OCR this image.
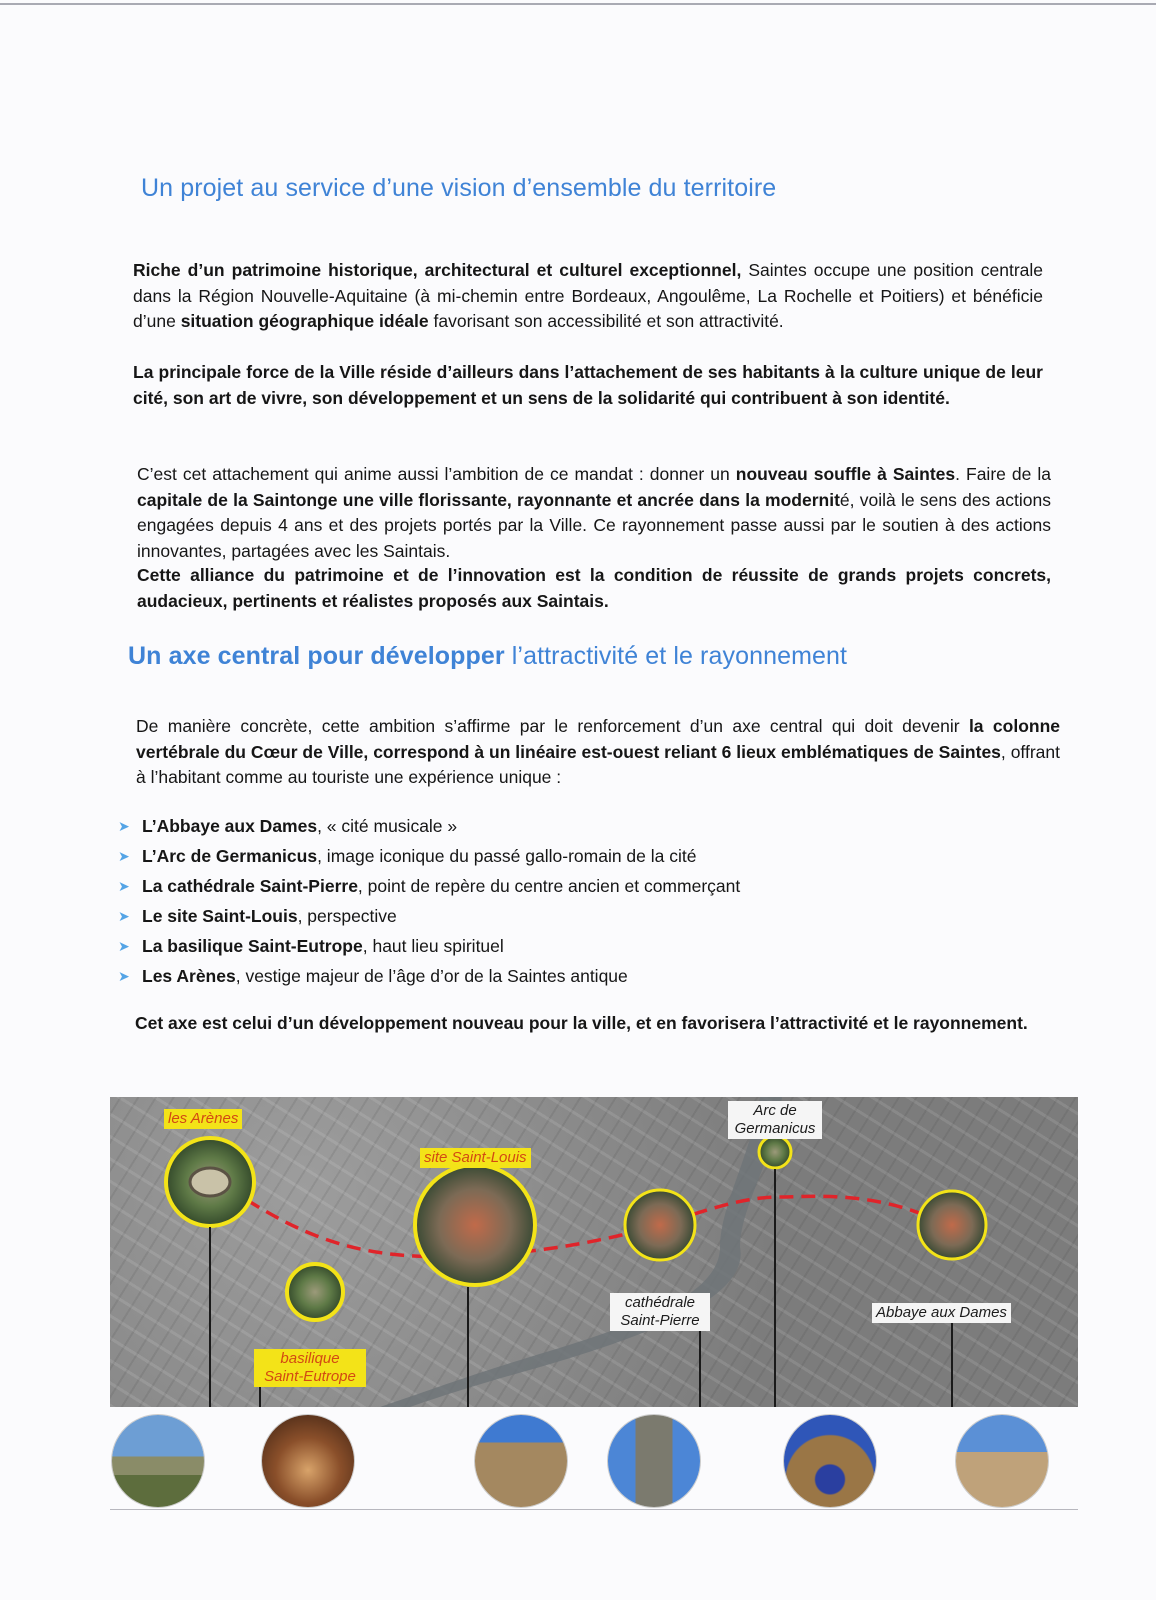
Un projet au service d’une vision d’ensemble du territoire

Riche d’un patrimoine historique, architectural et culturel exceptionnel, Saintes occupe une position centrale dans la Région Nouvelle-Aquitaine (à mi-chemin entre Bordeaux, Angoulême, La Rochelle et Poitiers) et bénéficie d’une situation géographique idéale favorisant son accessibilité et son attractivité.

La principale force de la Ville réside d’ailleurs dans l’attachement de ses habitants à la culture unique de leur cité, son art de vivre, son développement et un sens de la solidarité qui contribuent à son identité.

C’est cet attachement qui anime aussi l’ambition de ce mandat : donner un nouveau souffle à Saintes. Faire de la capitale de la Saintonge une ville florissante, rayonnante et ancrée dans la modernité, voilà le sens des actions engagées depuis 4 ans et des projets portés par la Ville. Ce rayonnement passe aussi par le soutien à des actions innovantes, partagées avec les Saintais.

Cette alliance du patrimoine et de l’innovation est la condition de réussite de grands projets concrets, audacieux, pertinents et réalistes proposés aux Saintais.

Un axe central pour développer l’attractivité et le rayonnement

De manière concrète, cette ambition s’affirme par le renforcement d’un axe central qui doit devenir la colonne vertébrale du Cœur de Ville, correspond à un linéaire est-ouest reliant 6 lieux emblématiques de Saintes, offrant à l’habitant comme au touriste une expérience unique :

➤ L’Abbaye aux Dames , « cité musicale »
➤ L’Arc de Germanicus , image iconique du passé gallo-romain de la cité
➤ La cathédrale Saint-Pierre , point de repère du centre ancien et commerçant
➤ Le site Saint-Louis , perspective
➤ La basilique Saint-Eutrope , haut lieu spirituel
➤ Les Arènes , vestige majeur de l’âge d’or de la Saintes antique

Cet axe est celui d’un développement nouveau pour la ville, et en favorisera l’attractivité et le rayonnement.

les Arènes
site Saint-Louis
Arc de
Germanicus
cathédrale
Saint-Pierre	Abbaye aux Dames
basilique
Saint-Eutrope
